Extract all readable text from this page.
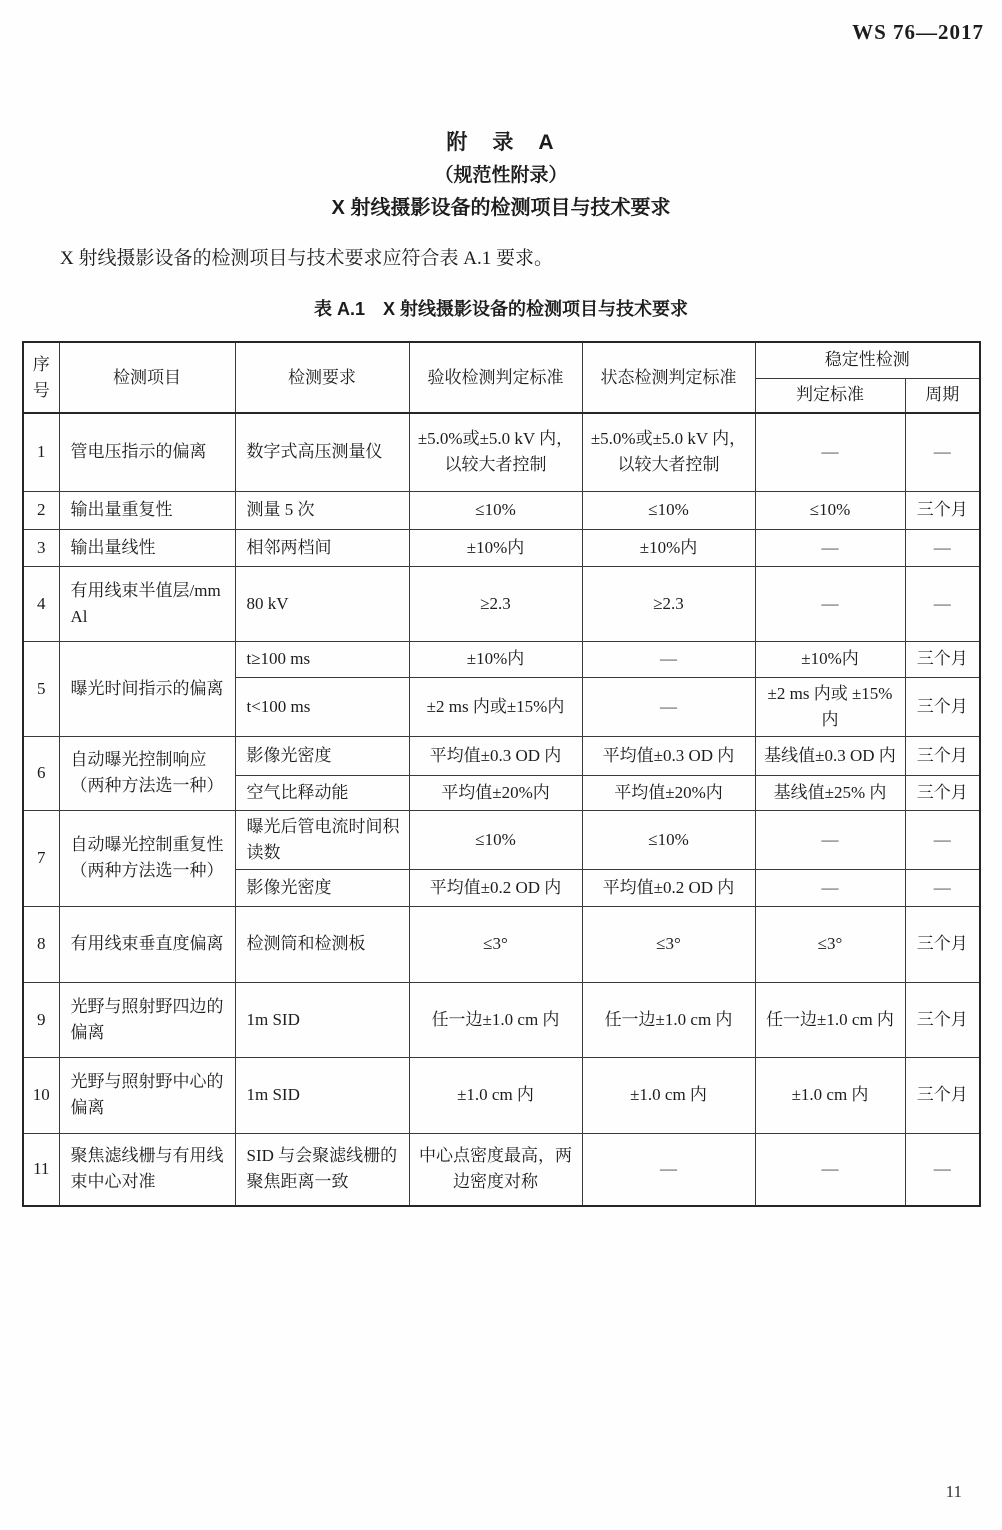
WS 76—2017
附　录　A
（规范性附录）
X 射线摄影设备的检测项目与技术要求

X 射线摄影设备的检测项目与技术要求应符合表 A.1 要求。

表 A.1　X 射线摄影设备的检测项目与技术要求
序号	检测项目	检测要求	验收检测判定标准	状态检测判定标准	稳定性检测	
					判定标准	周期
1	管电压指示的偏离	数字式高压测量仪	±5.0%或±5.0 kV 内，以较大者控制	±5.0%或±5.0 kV 内，以较大者控制	—	—
2	输出量重复性	测量 5 次	≤10%	≤10%	≤10%	三个月
3	输出量线性	相邻两档间	±10%内	±10%内	—	—
4	有用线束半值层/mm Al	80 kV	≥2.3	≥2.3	—	—
5	曝光时间指示的偏离	t≥100 ms	±10%内	—	±10%内	三个月
		t<100 ms	±2 ms 内或±15%内	—	±2 ms 内或 ±15%内	三个月
6	自动曝光控制响应（两种方法选一种）	影像光密度	平均值±0.3 OD 内	平均值±0.3 OD 内	基线值±0.3 OD 内	三个月
		空气比释动能	平均值±20%内	平均值±20%内	基线值±25% 内	三个月
7	自动曝光控制重复性（两种方法选一种）	曝光后管电流时间积读数	≤10%	≤10%	—	—
		影像光密度	平均值±0.2 OD 内	平均值±0.2 OD 内	—	—
8	有用线束垂直度偏离	检测筒和检测板	≤3°	≤3°	≤3°	三个月
9	光野与照射野四边的偏离	1m SID	任一边±1.0 cm 内	任一边±1.0 cm 内	任一边±1.0 cm 内	三个月
10	光野与照射野中心的偏离	1m SID	±1.0 cm 内	±1.0 cm 内	±1.0 cm 内	三个月
11	聚焦滤线栅与有用线束中心对准	SID 与会聚滤线栅的聚焦距离一致	中心点密度最高，两边密度对称	—	—	—
11
